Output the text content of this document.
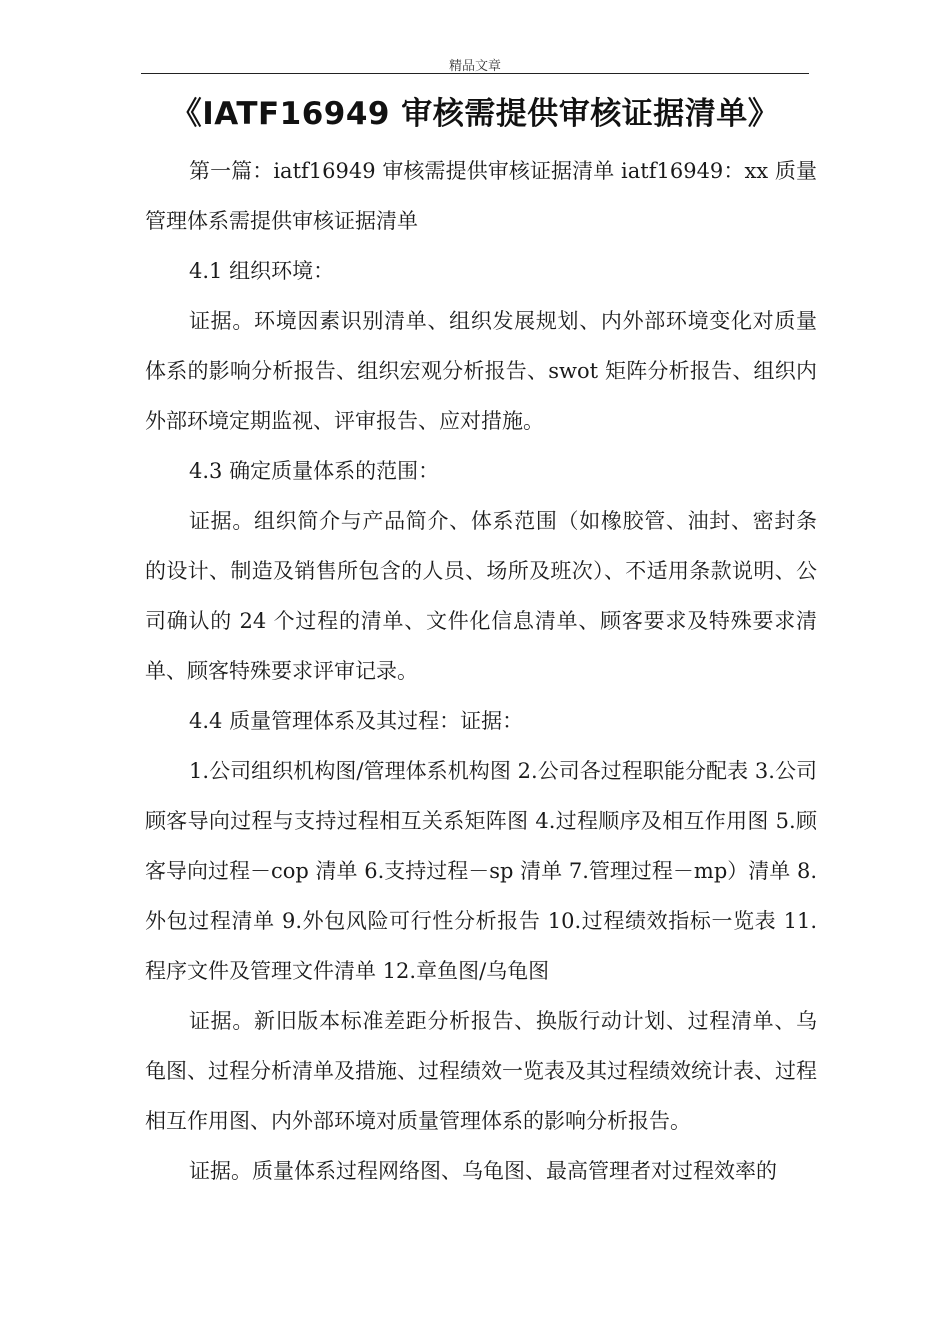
精品文章
《IATF16949 审核需提供审核证据清单》

第一篇：iatf16949 审核需提供审核证据清单 iatf16949：xx 质量管理体系需提供审核证据清单

4.1 组织环境：

证据。环境因素识别清单、组织发展规划、内外部环境变化对质量体系的影响分析报告、组织宏观分析报告、swot 矩阵分析报告、组织内外部环境定期监视、评审报告、应对措施。

4.3 确定质量体系的范围：

证据。组织简介与产品简介、体系范围（如橡胶管、油封、密封条的设计、制造及销售所包含的人员、场所及班次）、不适用条款说明、公司确认的 24 个过程的清单、文件化信息清单、顾客要求及特殊要求清单、顾客特殊要求评审记录。

4.4 质量管理体系及其过程：证据：

1.公司组织机构图/管理体系机构图 2.公司各过程职能分配表 3.公司顾客导向过程与支持过程相互关系矩阵图 4.过程顺序及相互作用图 5.顾客导向过程－cop 清单 6.支持过程－sp 清单 7.管理过程－mp）清单 8.外包过程清单 9.外包风险可行性分析报告 10.过程绩效指标一览表 11.程序文件及管理文件清单 12.章鱼图/乌龟图

证据。新旧版本标准差距分析报告、换版行动计划、过程清单、乌龟图、过程分析清单及措施、过程绩效一览表及其过程绩效统计表、过程相互作用图、内外部环境对质量管理体系的影响分析报告。

证据。质量体系过程网络图、乌龟图、最高管理者对过程效率的
